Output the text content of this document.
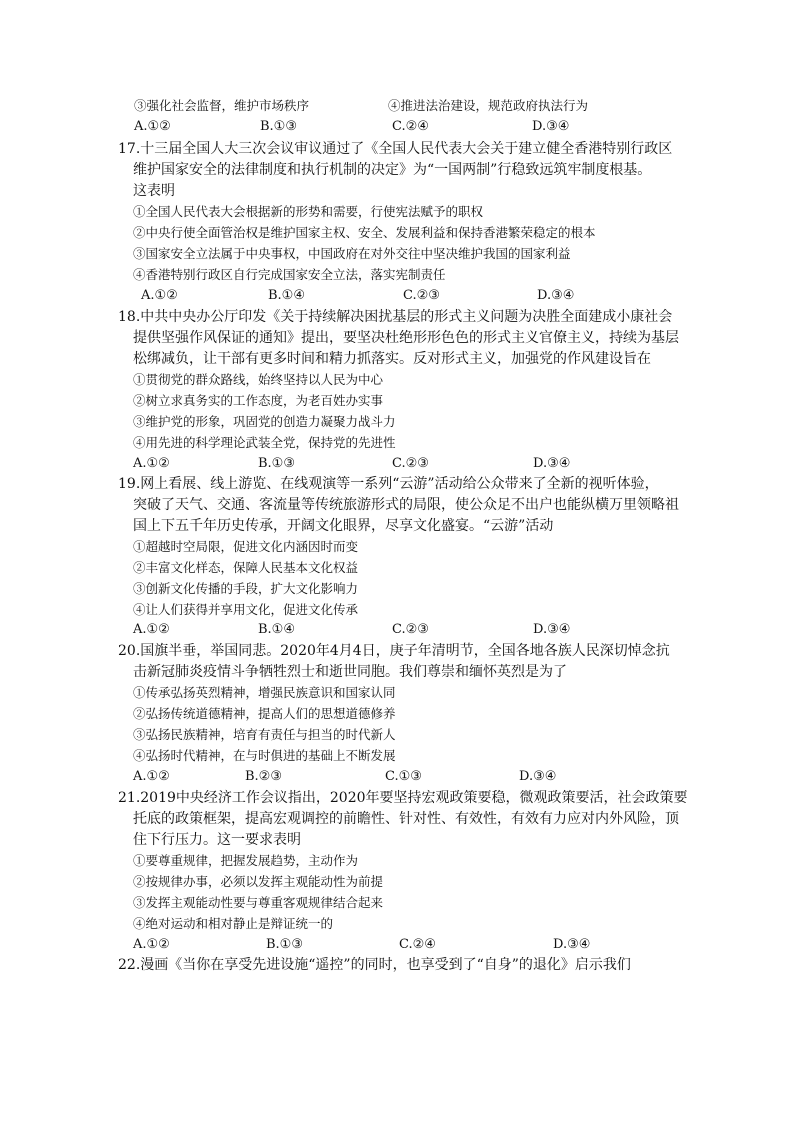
③强化社会监督，维护市场秩序	④推进法治建设，规范政府执法行为
A.①②	B.①③	C.②④	D.③④
17.十三届全国人大三次会议审议通过了《全国人民代表大会关于建立健全香港特别行政区
维护国家安全的法律制度和执行机制的决定》为“一国两制”行稳致远筑牢制度根基。
这表明
①全国人民代表大会根据新的形势和需要，行使宪法赋予的职权
②中央行使全面管治权是维护国家主权、安全、发展利益和保持香港繁荣稳定的根本
③国家安全立法属于中央事权，中国政府在对外交往中坚决维护我国的国家利益
④香港特别行政区自行完成国家安全立法，落实宪制责任
A.①②	B.①④	C.②③	D.③④
18.中共中央办公厅印发《关于持续解决困扰基层的形式主义问题为决胜全面建成小康社会
提供坚强作风保证的通知》提出，要坚决杜绝形形色色的形式主义官僚主义，持续为基层
松绑减负，让干部有更多时间和精力抓落实。反对形式主义，加强党的作风建设旨在
①贯彻党的群众路线，始终坚持以人民为中心
②树立求真务实的工作态度，为老百姓办实事
③维护党的形象，巩固党的创造力凝聚力战斗力
④用先进的科学理论武装全党，保持党的先进性
A.①②	B.①③	C.②③	D.③④
19.网上看展、线上游览、在线观演等一系列“云游”活动给公众带来了全新的视听体验，
突破了天气、交通、客流量等传统旅游形式的局限，使公众足不出户也能纵横万里领略祖
国上下五千年历史传承，开阔文化眼界，尽享文化盛宴。“云游”活动
①超越时空局限，促进文化内涵因时而变
②丰富文化样态，保障人民基本文化权益
③创新文化传播的手段，扩大文化影响力
④让人们获得并享用文化，促进文化传承
A.①②	B.①④	C.②③	D.③④
20.国旗半垂，举国同悲。2020年4月4日，庚子年清明节，全国各地各族人民深切悼念抗
击新冠肺炎疫情斗争牺牲烈士和逝世同胞。我们尊崇和缅怀英烈是为了
①传承弘扬英烈精神，增强民族意识和国家认同
②弘扬传统道德精神，提高人们的思想道德修养
③弘扬民族精神，培育有责任与担当的时代新人
④弘扬时代精神，在与时俱进的基础上不断发展
A.①②	B.②③	C.①③	D.③④
21.2019中央经济工作会议指出，2020年要坚持宏观政策要稳，微观政策要活，社会政策要
托底的政策框架，提高宏观调控的前瞻性、针对性、有效性，有效有力应对内外风险，顶
住下行压力。这一要求表明
①要尊重规律，把握发展趋势，主动作为
②按规律办事，必须以发挥主观能动性为前提
③发挥主观能动性要与尊重客观规律结合起来
④绝对运动和相对静止是辩证统一的
A.①②	B.①③	C.②④	D.③④
22.漫画《当你在享受先进设施“遥控”的同时，也享受到了“自身”的退化》启示我们
